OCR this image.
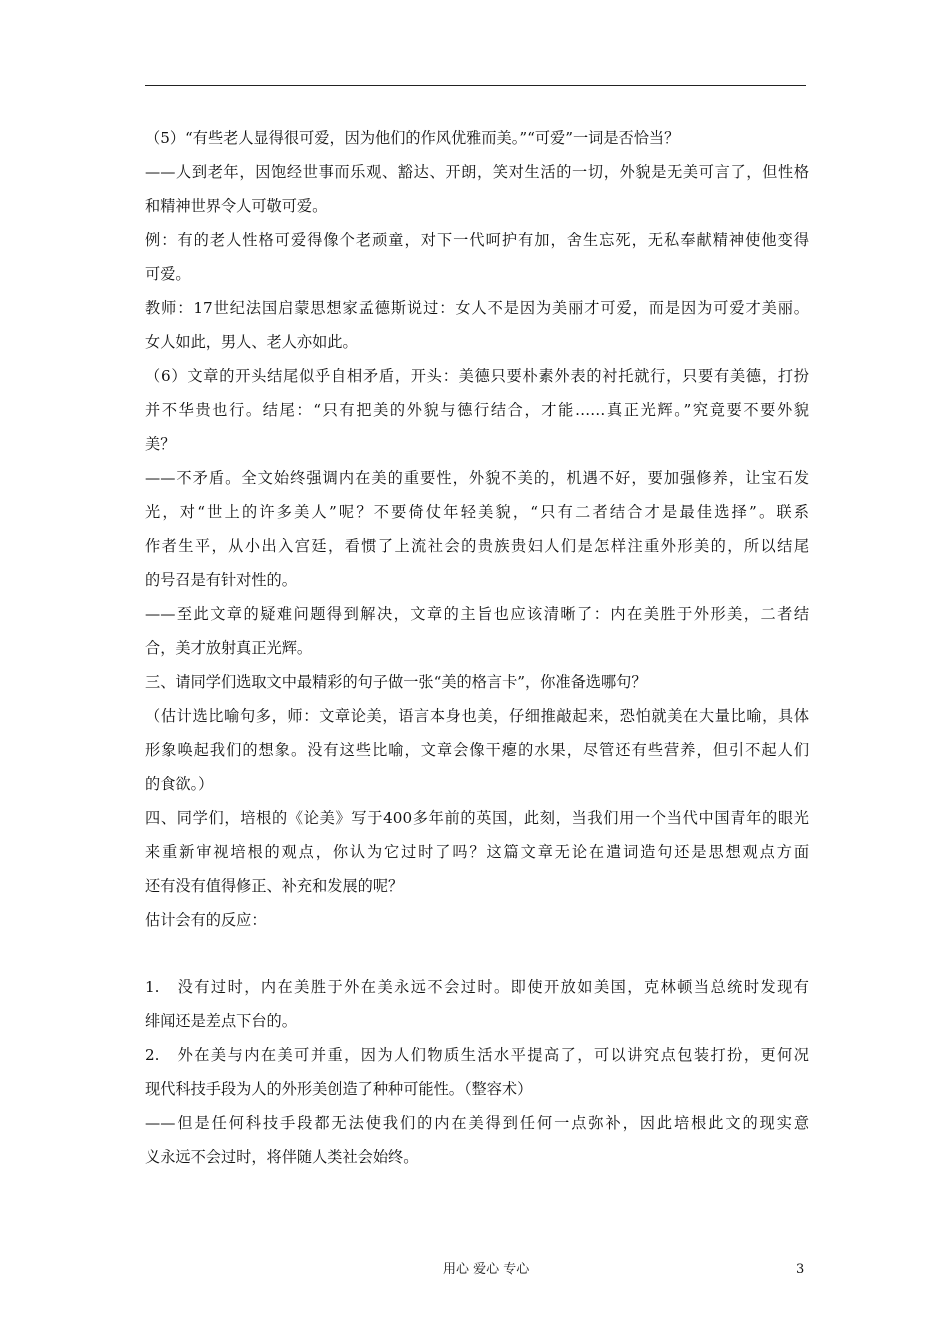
（5）“有些老人显得很可爱，因为他们的作风优雅而美。”“可爱”一词是否恰当？
——人到老年，因饱经世事而乐观、豁达、开朗，笑对生活的一切，外貌是无美可言了，但性格
和精神世界令人可敬可爱。
例：有的老人性格可爱得像个老顽童，对下一代呵护有加，舍生忘死，无私奉献精神使他变得
可爱。
教师：17世纪法国启蒙思想家孟德斯说过：女人不是因为美丽才可爱，而是因为可爱才美丽。
女人如此，男人、老人亦如此。
（6）文章的开头结尾似乎自相矛盾，开头：美德只要朴素外表的衬托就行，只要有美德，打扮
并不华贵也行。结尾：“只有把美的外貌与德行结合，才能……真正光辉。”究竟要不要外貌
美？
——不矛盾。全文始终强调内在美的重要性，外貌不美的，机遇不好，要加强修养，让宝石发
光，对“世上的许多美人”呢？不要倚仗年轻美貌，“只有二者结合才是最佳选择”。联系
作者生平，从小出入宫廷，看惯了上流社会的贵族贵妇人们是怎样注重外形美的，所以结尾
的号召是有针对性的。
——至此文章的疑难问题得到解决，文章的主旨也应该清晰了：内在美胜于外形美，二者结
合，美才放射真正光辉。
三、请同学们选取文中最精彩的句子做一张“美的格言卡”，你准备选哪句？
（估计选比喻句多，师：文章论美，语言本身也美，仔细推敲起来，恐怕就美在大量比喻，具体
形象唤起我们的想象。没有这些比喻，文章会像干瘪的水果，尽管还有些营养，但引不起人们
的食欲。）
四、同学们，培根的《论美》写于400多年前的英国，此刻，当我们用一个当代中国青年的眼光
来重新审视培根的观点，你认为它过时了吗？这篇文章无论在遣词造句还是思想观点方面
还有没有值得修正、补充和发展的呢？
估计会有的反应：
1.　没有过时，内在美胜于外在美永远不会过时。即使开放如美国，克林顿当总统时发现有
绯闻还是差点下台的。
2.　外在美与内在美可并重，因为人们物质生活水平提高了，可以讲究点包装打扮，更何况
现代科技手段为人的外形美创造了种种可能性。（整容术）
——但是任何科技手段都无法使我们的内在美得到任何一点弥补，因此培根此文的现实意
义永远不会过时，将伴随人类社会始终。
用心 爱心 专心	3
